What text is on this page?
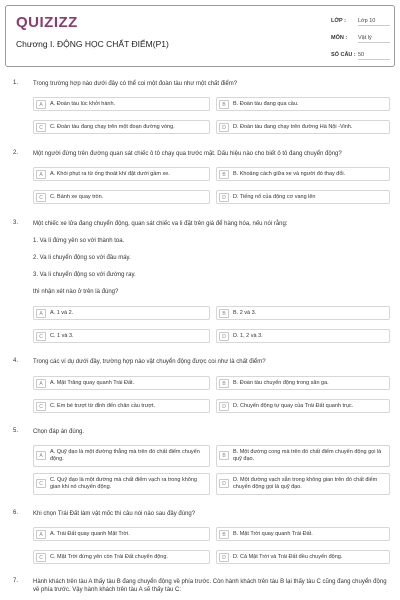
QUIZIZZ
Chương I. ĐỘNG HỌC CHẤT ĐIỂM(P1)
LỚP : Lớp 10
MÔN : Vật lý
SỐ CÂU : 50
1. Trong trường hợp nào dưới đây có thể coi một đoàn tàu như một chất điểm?
A	A. Đoàn tàu lúc khởi hành.	B	B. Đoàn tàu đang qua cầu.
C	C. Đoàn tàu đang chạy trên một đoạn đường vòng.	D	D. Đoàn tàu đang chạy trên đường Hà Nội -Vinh.
2. Một người đứng trên đường quan sát chiếc ô tô chạy qua trước mặt. Dấu hiệu nào cho biết ô tô đang chuyển động?
A	A. Khói phụt ra từ ống thoát khí đặt dưới gầm xe.	B	B. Khoảng cách giữa xe và người đó thay đổi.
C	C. Bánh xe quay tròn.	D	D. Tiếng nổ của động cơ vang lên
3. Một chiếc xe lửa đang chuyển động, quan sát chiếc va li đặt trên giá để hàng hóa, nếu nói rằng:
1. Va li đứng yên so với thành toa.
2. Va li chuyển động so với đầu máy.
3. Va li chuyển động so với đường ray.
thì nhận xét nào ở trên là đúng?
A	A. 1 và 2.	B	B. 2 và 3.
C	C. 1 và 3.	D	D. 1, 2 và 3.
4. Trong các ví dụ dưới đây, trường hợp nào vật chuyển động được coi như là chất điểm?
A	A. Mặt Trăng quay quanh Trái Đất.	B	B. Đoàn tàu chuyển động trong sân ga.
C	C. Em bé trượt từ đỉnh đến chân cầu trượt.	D	D. Chuyển động tự quay của Trái Đất quanh trục.
5. Chọn đáp án đúng.
A
A. Quỹ đạo là một đường thẳng mà trên đó chất điểm chuyển động.	B
B. Một đường cong mà trên đó chất điểm chuyển động gọi là quỹ đạo.
C
C. Quỹ đạo là một đường mà chất điểm vạch ra trong không gian khi nó chuyển động.	D
D. Một đường vạch sẵn trong không gian trên đó chất điểm chuyển động gọi là quỹ đạo.
6. Khi chọn Trái Đất làm vật mốc thì câu nói nào sau đây đúng?
A	A. Trái Đất quay quanh Mặt Trời.	B	B. Mặt Trời quay quanh Trái Đất.
C	C. Mặt Trời đứng yên còn Trái Đất chuyển động.	D	D. Cả Mặt Trời và Trái Đất đều chuyển động.
7. Hành khách trên tàu A thấy tàu B đang chuyển động về phía trước. Còn hành khách trên tàu B lại thấy tàu C cũng đang chuyển động về phía trước. Vậy hành khách trên tàu A sẽ thấy tàu C:
